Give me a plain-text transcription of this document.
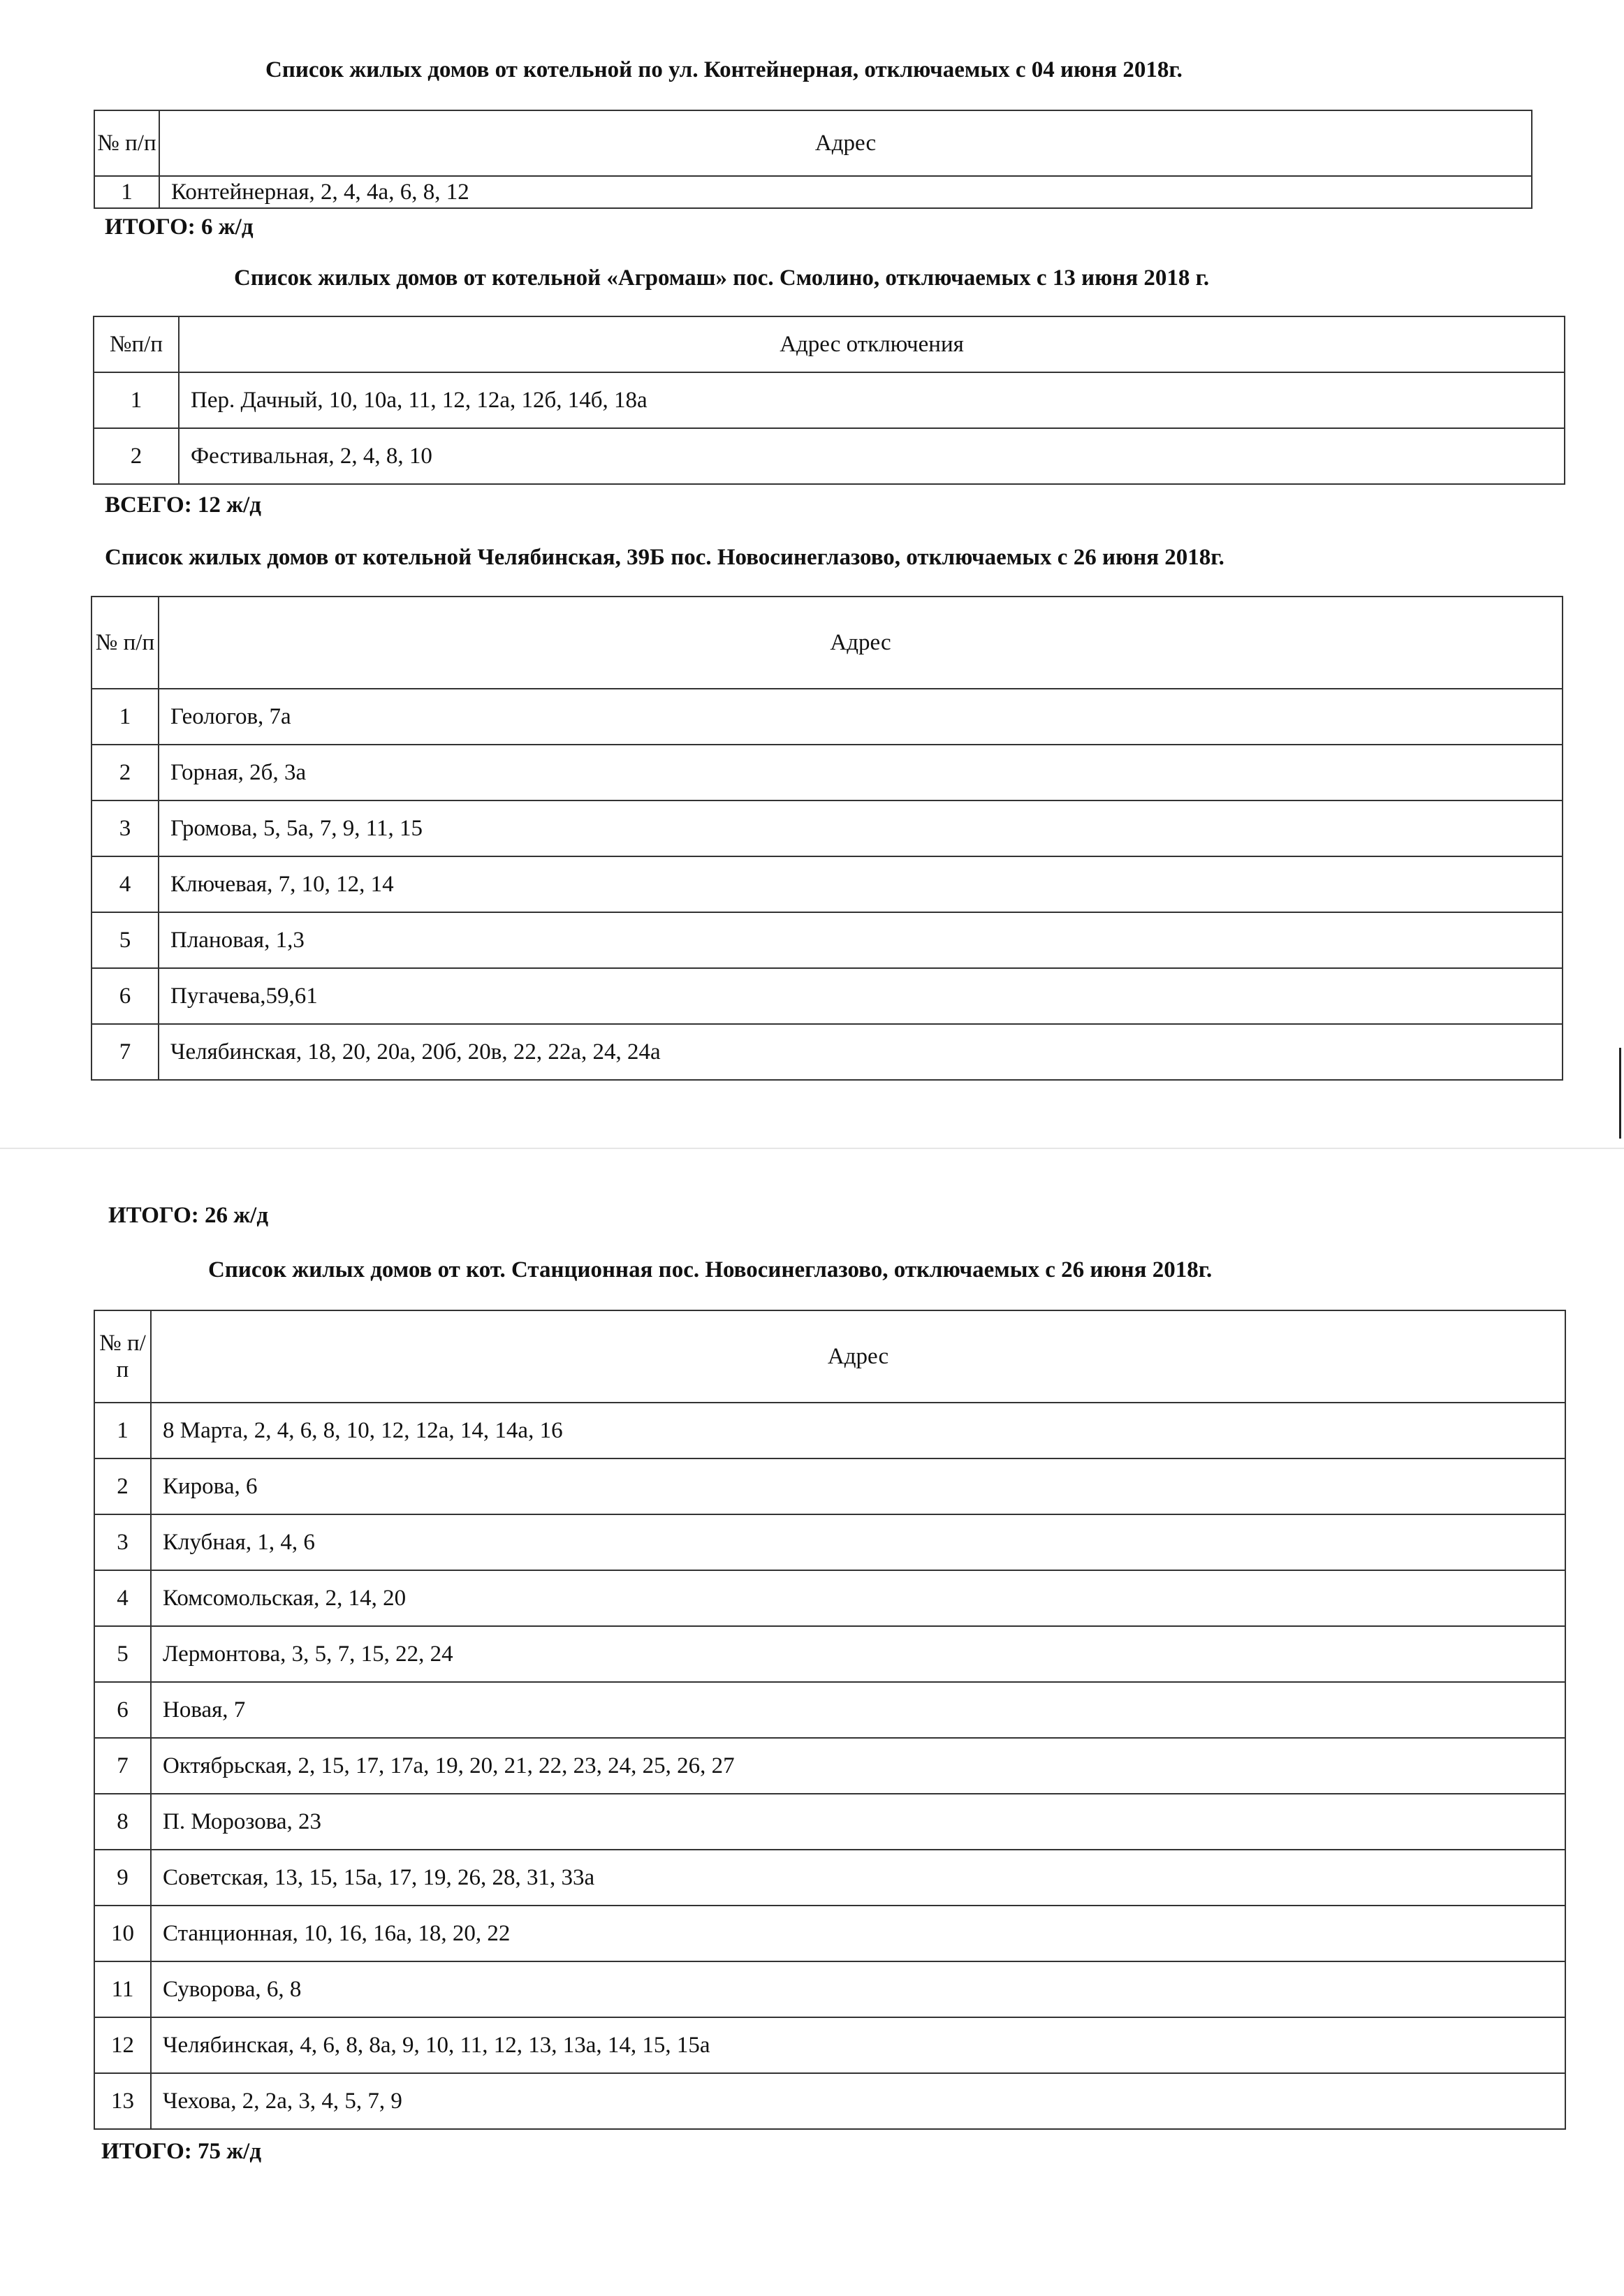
Список жилых домов от котельной по ул. Контейнерная, отключаемых с 04 июня 2018г.
№ п/п	Адрес
1	Контейнерная, 2, 4, 4а, 6, 8, 12
ИТОГО: 6 ж/д
Список жилых домов от котельной «Агромаш» пос. Смолино, отключаемых с 13 июня 2018 г.
№п/п	Адрес отключения
1	Пер. Дачный, 10, 10а, 11, 12, 12а, 12б, 14б, 18а
2	Фестивальная, 2, 4, 8, 10
ВСЕГО: 12 ж/д
Список жилых домов от котельной Челябинская, 39Б пос. Новосинеглазово, отключаемых с 26 июня 2018г.
№ п/п	Адрес
1	Геологов, 7а
2	Горная, 2б, 3а
3	Громова, 5, 5а, 7, 9, 11, 15
4	Ключевая, 7, 10, 12, 14
5	Плановая, 1,3
6	Пугачева,59,61
7	Челябинская, 18, 20, 20а, 20б, 20в, 22, 22а, 24, 24а
ИТОГО: 26 ж/д
Список жилых домов от кот. Станционная пос. Новосинеглазово, отключаемых с 26 июня 2018г.
№ п/п	Адрес
1	8 Марта, 2, 4, 6, 8, 10, 12, 12а, 14, 14а, 16
2	Кирова, 6
3	Клубная, 1, 4, 6
4	Комсомольская, 2, 14, 20
5	Лермонтова, 3, 5, 7, 15, 22, 24
6	Новая, 7
7	Октябрьская, 2, 15, 17, 17а, 19, 20, 21, 22, 23, 24, 25, 26, 27
8	П. Морозова, 23
9	Советская, 13, 15, 15а, 17, 19, 26, 28, 31, 33а
10	Станционная, 10, 16, 16а, 18, 20, 22
11	Суворова, 6, 8
12	Челябинская, 4, 6, 8, 8а, 9, 10, 11, 12, 13, 13а, 14, 15, 15а
13	Чехова, 2, 2а, 3, 4, 5, 7, 9
ИТОГО: 75 ж/д
